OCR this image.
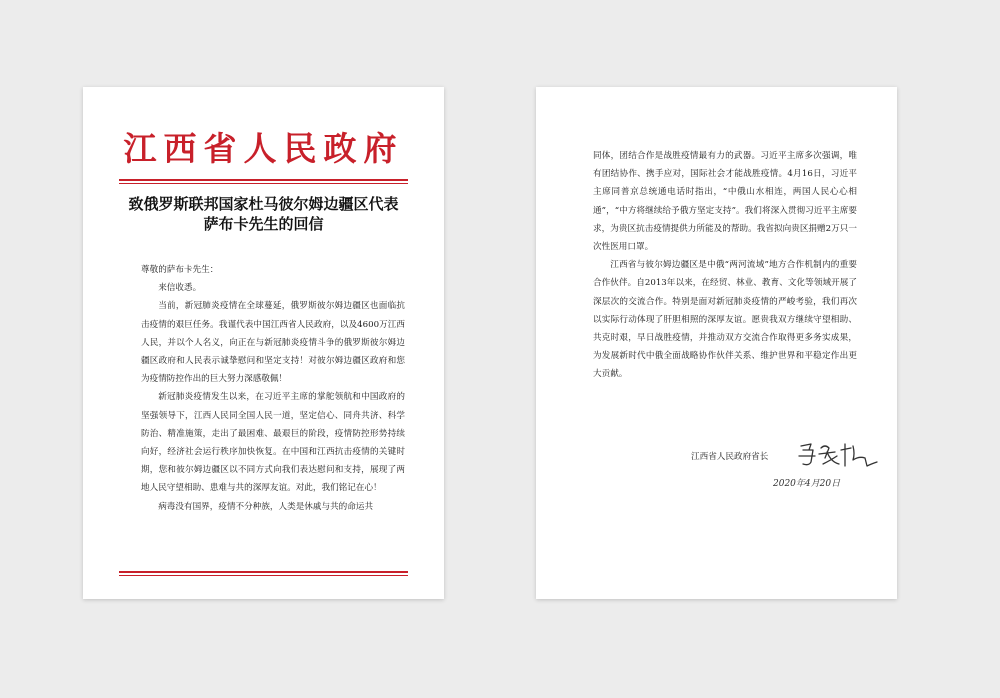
江西省人民政府
致俄罗斯联邦国家杜马彼尔姆边疆区代表
萨布卡先生的回信

尊敬的萨布卡先生：

来信收悉。

当前，新冠肺炎疫情在全球蔓延，俄罗斯彼尔姆边疆区也面临抗击疫情的艰巨任务。我谨代表中国江西省人民政府，以及4600万江西人民，并以个人名义，向正在与新冠肺炎疫情斗争的俄罗斯彼尔姆边疆区政府和人民表示诚挚慰问和坚定支持！对彼尔姆边疆区政府和您为疫情防控作出的巨大努力深感敬佩！

新冠肺炎疫情发生以来，在习近平主席的掌舵领航和中国政府的坚强领导下，江西人民同全国人民一道，坚定信心、同舟共济、科学防治、精准施策，走出了最困难、最艰巨的阶段，疫情防控形势持续向好，经济社会运行秩序加快恢复。在中国和江西抗击疫情的关键时期，您和彼尔姆边疆区以不同方式向我们表达慰问和支持，展现了两地人民守望相助、患难与共的深厚友谊。对此，我们铭记在心！

病毒没有国界，疫情不分种族，人类是休戚与共的命运共

同体，团结合作是战胜疫情最有力的武器。习近平主席多次强调，唯有团结协作、携手应对，国际社会才能战胜疫情。4月16日，习近平主席同普京总统通电话时指出，“中俄山水相连，两国人民心心相通”，“中方将继续给予俄方坚定支持”。我们将深入贯彻习近平主席要求，为贵区抗击疫情提供力所能及的帮助。我省拟向贵区捐赠2万只一次性医用口罩。

江西省与彼尔姆边疆区是中俄“两河流域”地方合作机制内的重要合作伙伴。自2013年以来，在经贸、林业、教育、文化等领域开展了深层次的交流合作。特别是面对新冠肺炎疫情的严峻考验，我们再次以实际行动体现了肝胆相照的深厚友谊。愿贵我双方继续守望相助、共克时艰，早日战胜疫情，并推动双方交流合作取得更多务实成果，为发展新时代中俄全面战略协作伙伴关系、维护世界和平稳定作出更大贡献。

江西省人民政府省长
2020年4月20日
